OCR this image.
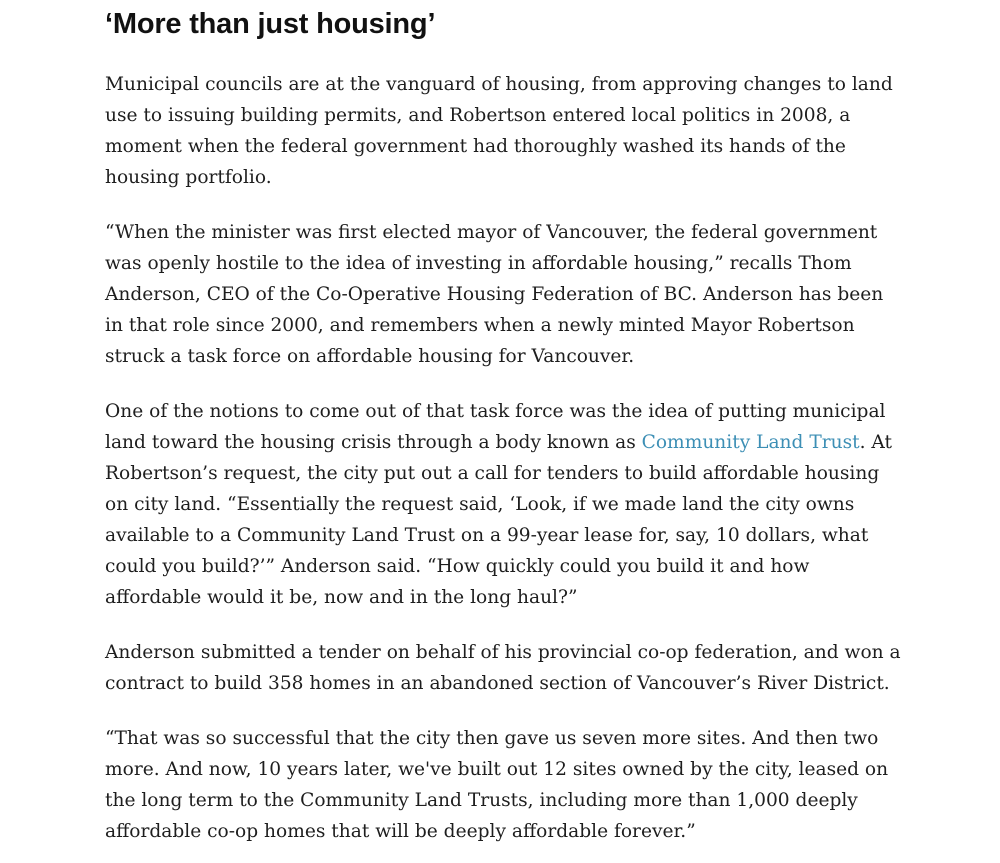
‘More than just housing’

Municipal councils are at the vanguard of housing, from approving changes to land use to issuing building permits, and Robertson entered local politics in 2008, a moment when the federal government had thoroughly washed its hands of the housing portfolio.

“When the minister was first elected mayor of Vancouver, the federal government was openly hostile to the idea of investing in affordable housing,” recalls Thom Anderson, CEO of the Co-Operative Housing Federation of BC. Anderson has been in that role since 2000, and remembers when a newly minted Mayor Robertson struck a task force on affordable housing for Vancouver.

One of the notions to come out of that task force was the idea of putting municipal land toward the housing crisis through a body known as Community Land Trust. At Robertson’s request, the city put out a call for tenders to build affordable housing on city land. “Essentially the request said, ‘Look, if we made land the city owns available to a Community Land Trust on a 99-year lease for, say, 10 dollars, what could you build?’” Anderson said. “How quickly could you build it and how affordable would it be, now and in the long haul?”

Anderson submitted a tender on behalf of his provincial co-op federation, and won a contract to build 358 homes in an abandoned section of Vancouver’s River District.

“That was so successful that the city then gave us seven more sites. And then two more. And now, 10 years later, we've built out 12 sites owned by the city, leased on the long term to the Community Land Trusts, including more than 1,000 deeply affordable co-op homes that will be deeply affordable forever.”
